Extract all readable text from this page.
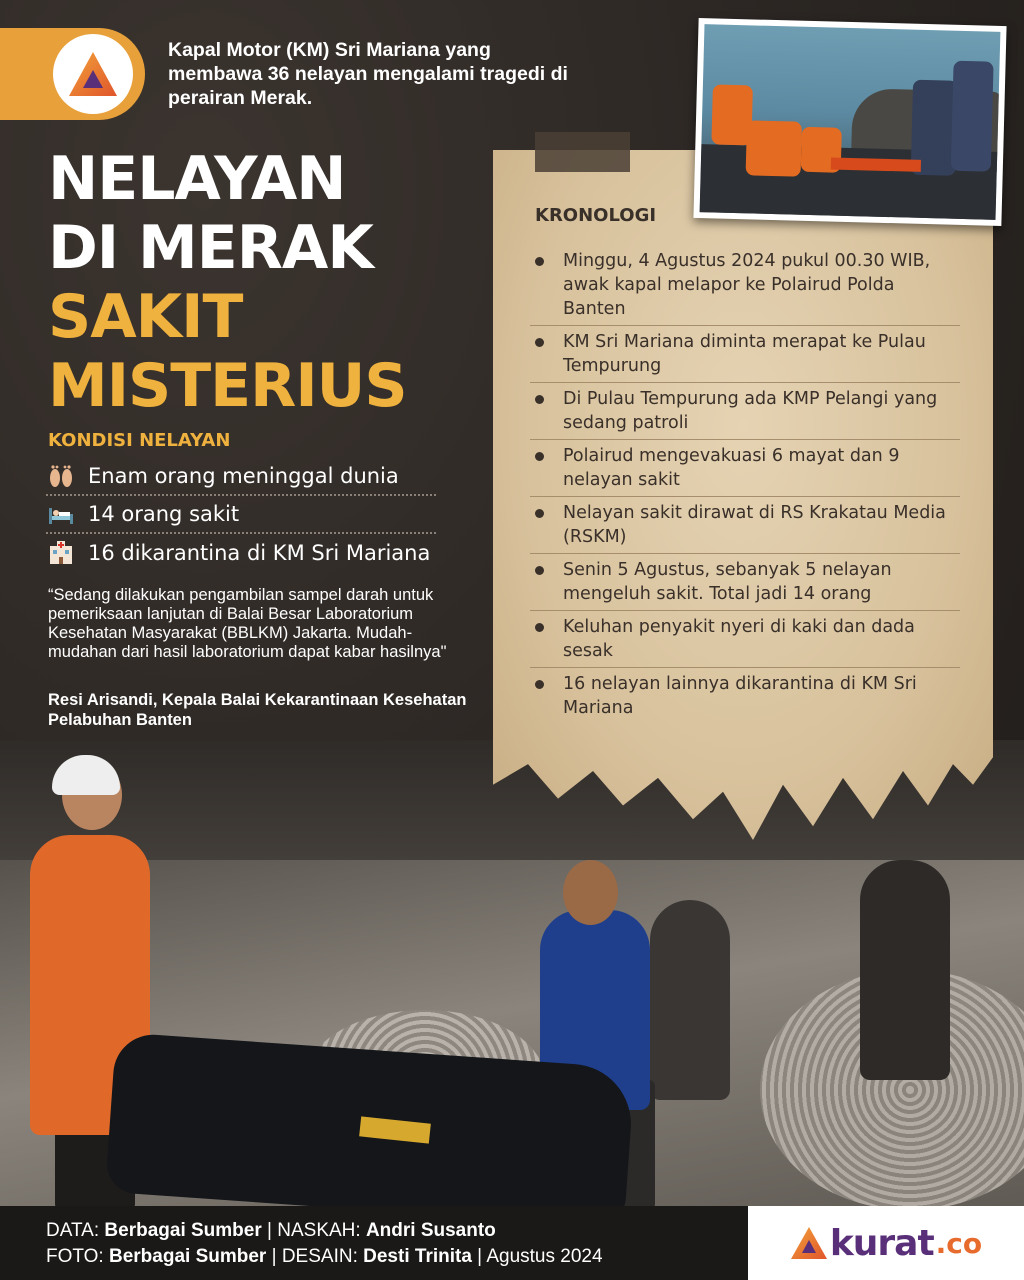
Kapal Motor (KM) Sri Mariana yang membawa 36 nelayan mengalami tragedi di perairan Merak.
NELAYAN
DI MERAK
SAKIT
MISTERIUS
KONDISI NELAYAN
Enam orang meninggal dunia
14 orang sakit
16 dikarantina di KM Sri Mariana
“Sedang dilakukan pengambilan sampel darah untuk pemeriksaan lanjutan di Balai Besar Laboratorium Kesehatan Masyarakat (BBLKM) Jakarta. Mudah-mudahan dari hasil laboratorium dapat kabar hasilnya"
Resi Arisandi, Kepala Balai Kekarantinaan Kesehatan Pelabuhan Banten
KRONOLOGI
Minggu, 4 Agustus 2024 pukul 00.30 WIB, awak kapal melapor ke Polairud Polda Banten
KM Sri Mariana diminta merapat ke Pulau Tempurung
Di Pulau Tempurung ada KMP Pelangi yang sedang patroli
Polairud mengevakuasi 6 mayat dan 9 nelayan sakit
Nelayan sakit dirawat di RS Krakatau Media (RSKM)
Senin 5 Agustus, sebanyak 5 nelayan mengeluh sakit. Total jadi 14 orang
Keluhan penyakit nyeri di kaki dan dada sesak
16 nelayan lainnya dikarantina di KM Sri Mariana
DATA: Berbagai Sumber | NASKAH: Andri Susanto
FOTO: Berbagai Sumber | DESAIN: Desti Trinita | Agustus 2024	kurat .co
